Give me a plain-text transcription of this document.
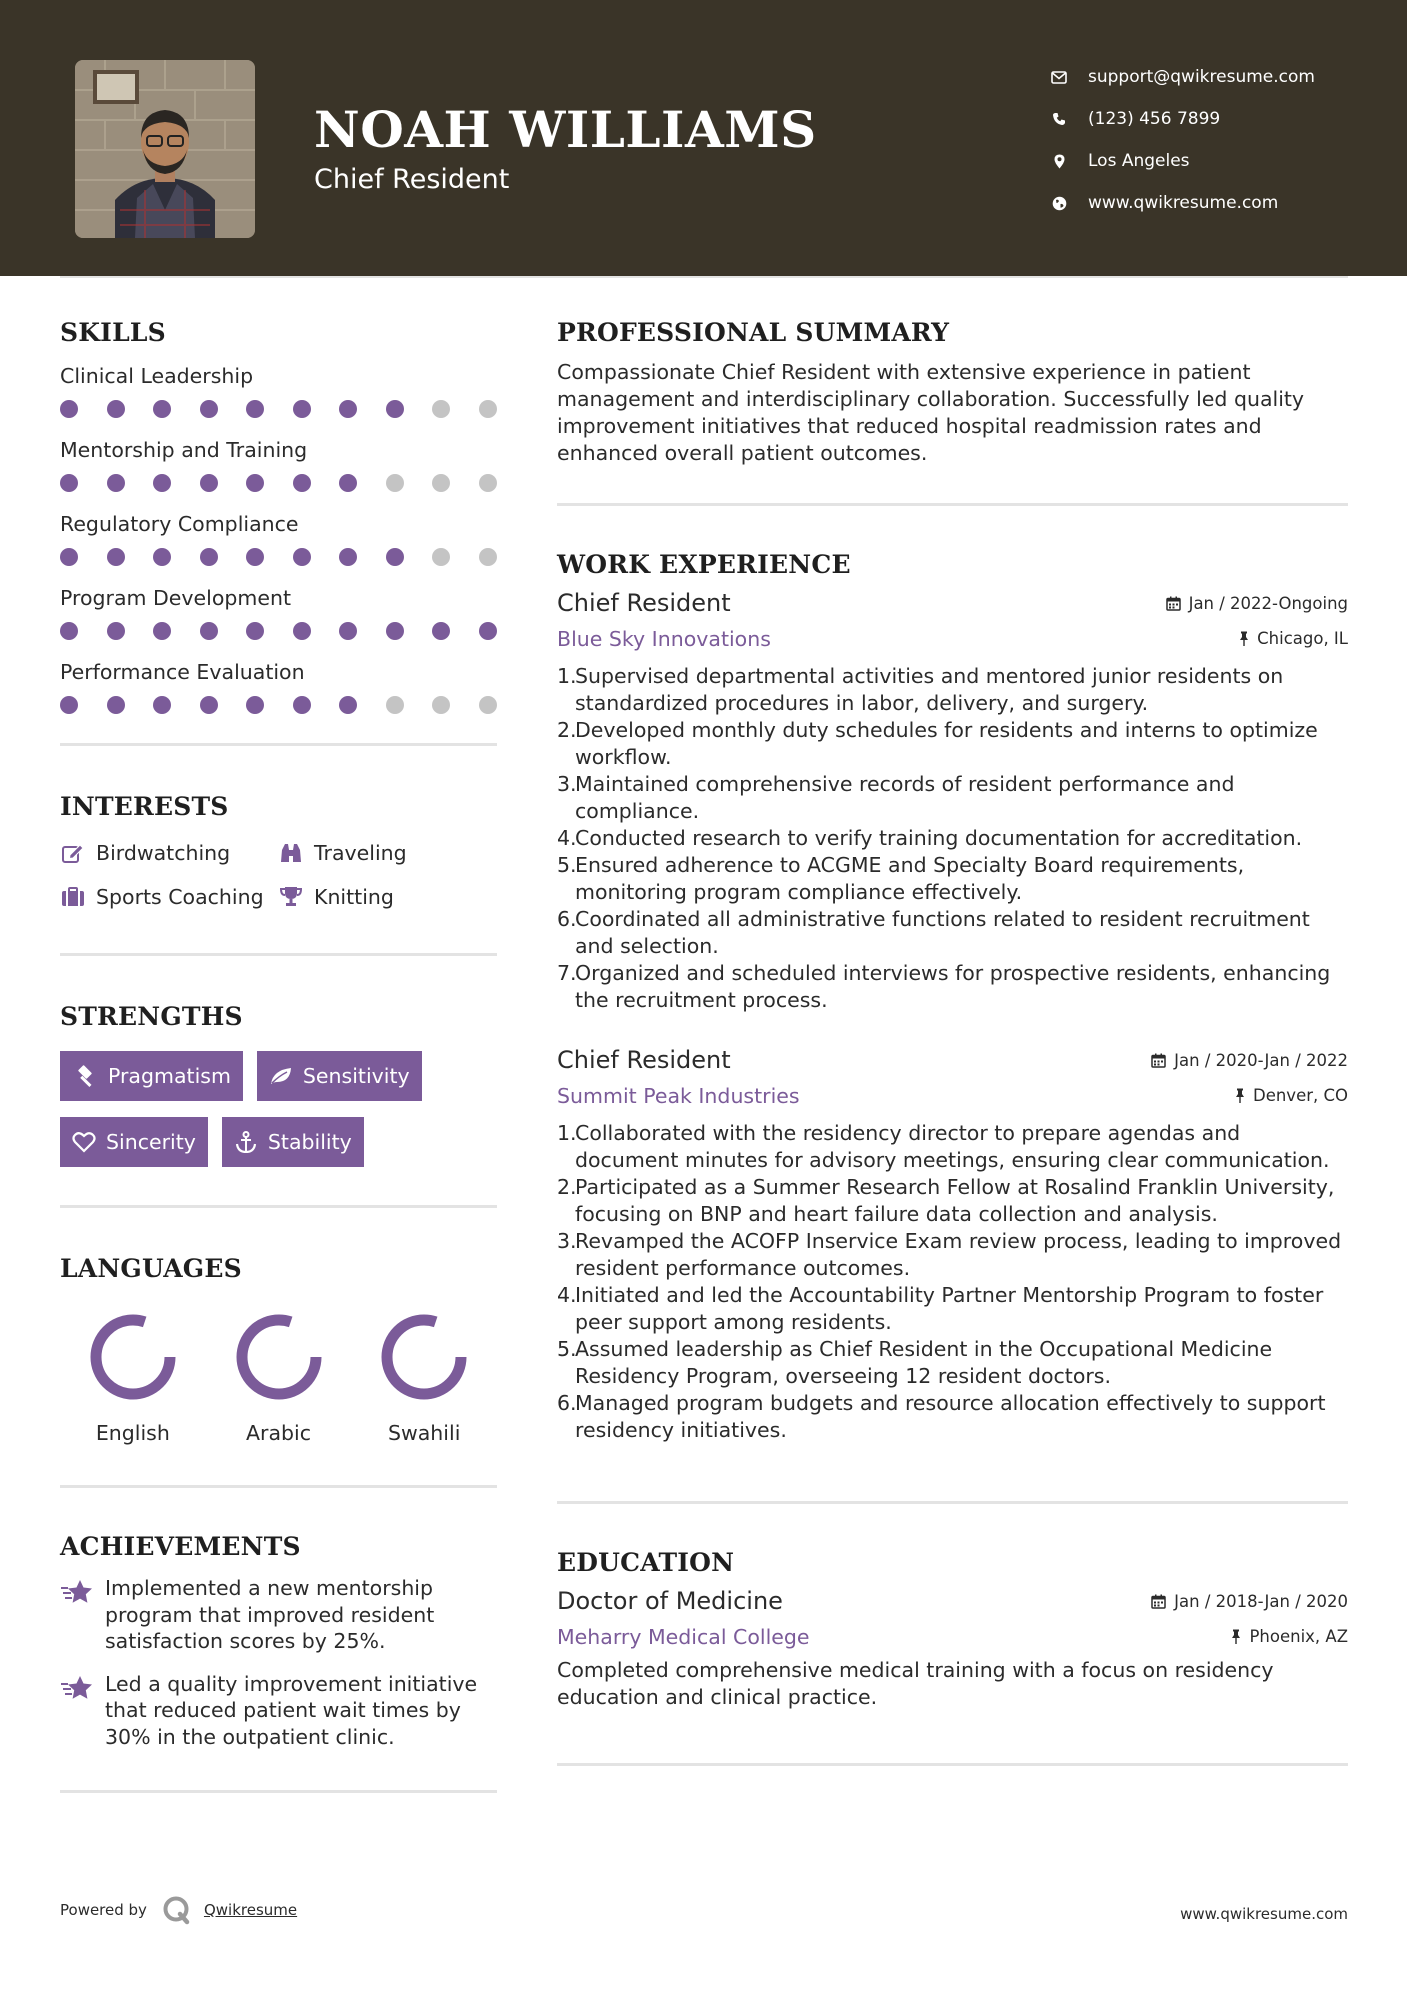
NOAH WILLIAMS
Chief Resident
support@qwikresume.com
(123) 456 7899
Los Angeles
www.qwikresume.com
SKILLS
Clinical Leadership
Mentorship and Training
Regulatory Compliance
Program Development
Performance Evaluation
INTERESTS
Birdwatching	Traveling
Sports Coaching Knitting
STRENGTHS
Pragmatism	Sensitivity
Sincerity	Stability
LANGUAGES
English	Arabic	Swahili
ACHIEVEMENTS
Implemented a new mentorship program that improved resident satisfaction scores by 25%.
Led a quality improvement initiative that reduced patient wait times by 30% in the outpatient clinic.
PROFESSIONAL SUMMARY
Compassionate Chief Resident with extensive experience in patient management and interdisciplinary collaboration. Successfully led quality improvement initiatives that reduced hospital readmission rates and enhanced overall patient outcomes.
WORK EXPERIENCE
Chief Resident	Jan / 2022-Ongoing
Blue Sky Innovations	Chicago, IL
1.
Supervised departmental activities and mentored junior residents on standardized procedures in labor, delivery, and surgery.
2.
Developed monthly duty schedules for residents and interns to optimize workflow.
3.
Maintained comprehensive records of resident performance and compliance.
4.
Conducted research to verify training documentation for accreditation.
5.
Ensured adherence to ACGME and Specialty Board requirements, monitoring program compliance effectively.
6.
Coordinated all administrative functions related to resident recruitment and selection.
7.
Organized and scheduled interviews for prospective residents, enhancing the recruitment process.
Chief Resident	Jan / 2020-Jan / 2022
Summit Peak Industries	Denver, CO
1.
Collaborated with the residency director to prepare agendas and document minutes for advisory meetings, ensuring clear communication.
2.
Participated as a Summer Research Fellow at Rosalind Franklin University, focusing on BNP and heart failure data collection and analysis.
3.
Revamped the ACOFP Inservice Exam review process, leading to improved resident performance outcomes.
4.
Initiated and led the Accountability Partner Mentorship Program to foster peer support among residents.
5.
Assumed leadership as Chief Resident in the Occupational Medicine Residency Program, overseeing 12 resident doctors.
6.
Managed program budgets and resource allocation effectively to support residency initiatives.
EDUCATION
Doctor of Medicine	Jan / 2018-Jan / 2020
Meharry Medical College	Phoenix, AZ
Completed comprehensive medical training with a focus on residency education and clinical practice.
Powered by	Qwikresume	www.qwikresume.com
